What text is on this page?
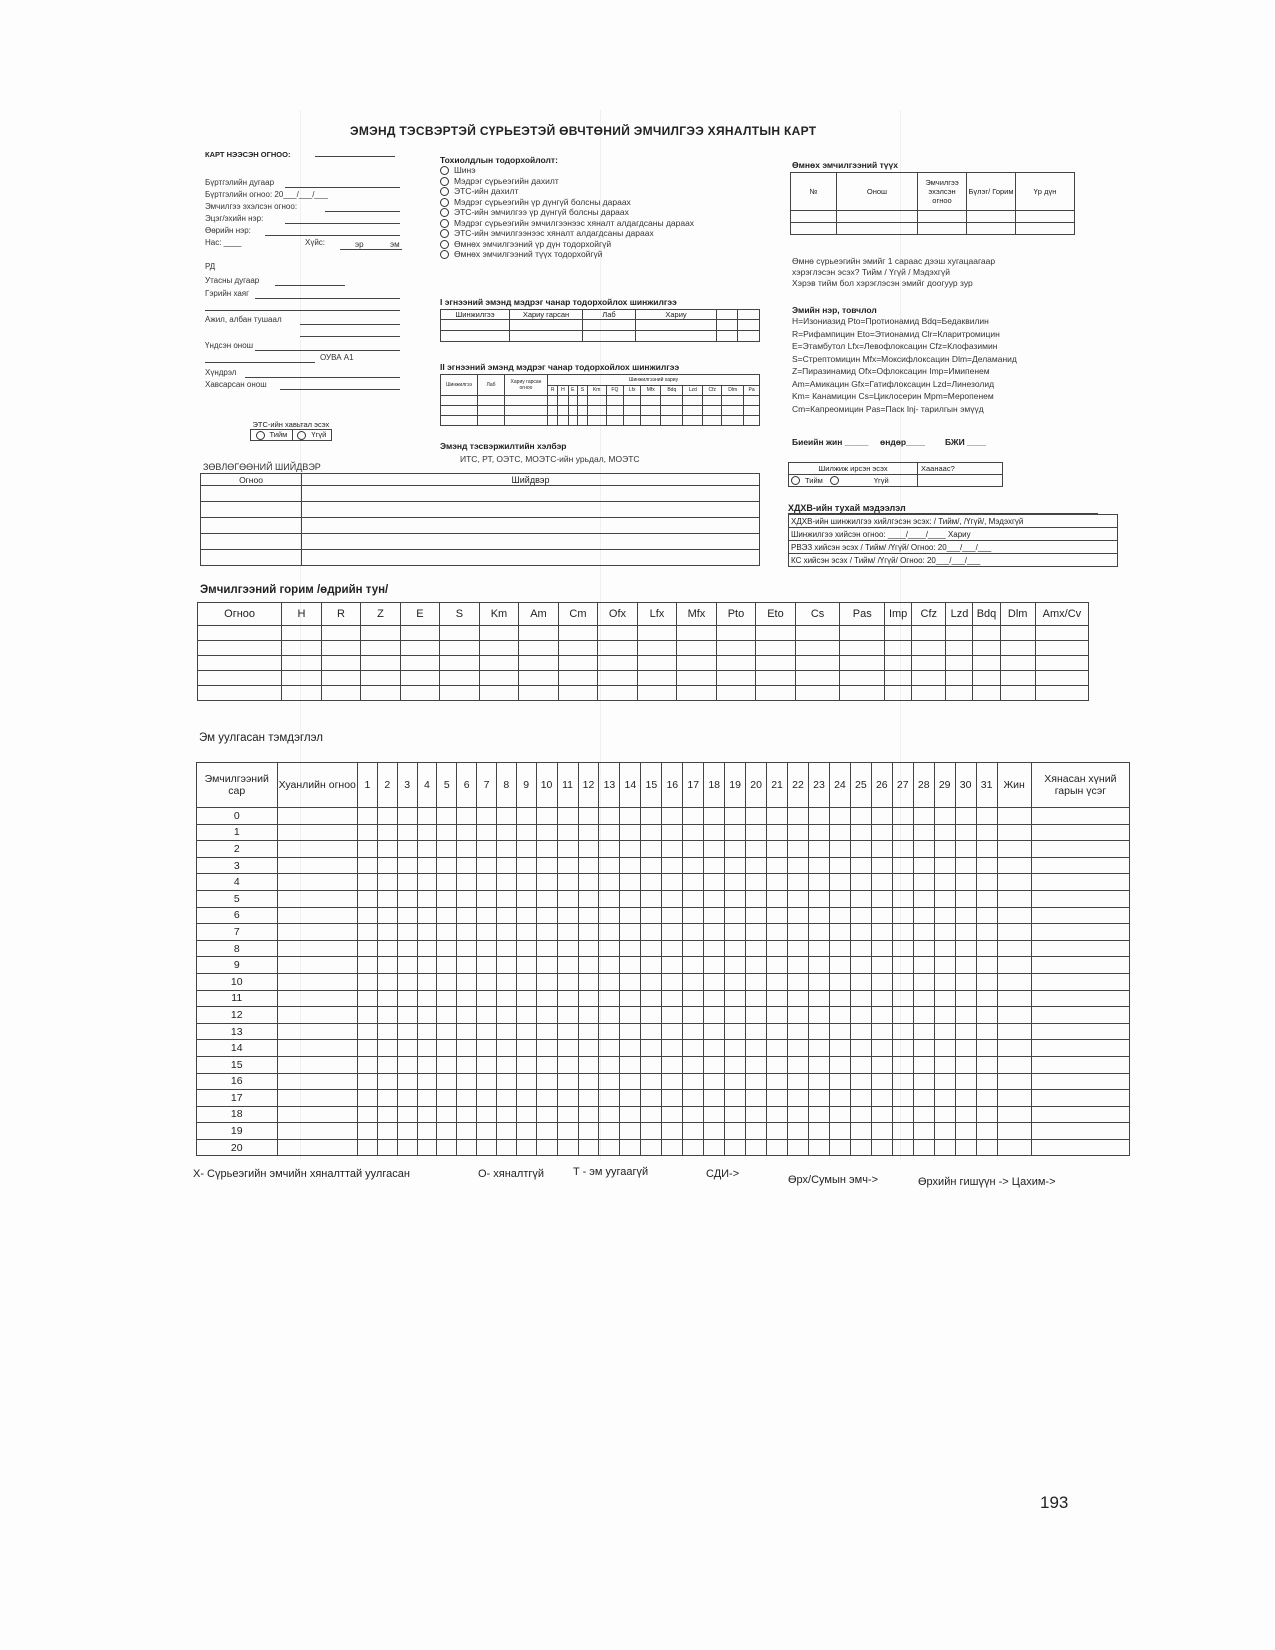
ЭМЭНД ТЭСВЭРТЭЙ СҮРЬЕЭТЭЙ ӨВЧТӨНИЙ ЭМЧИЛГЭЭ ХЯНАЛТЫН КАРТ
КАРТ НЭЭСЭН ОГНОО:
Бүртгэлийн дугаар
Бүртгэлийн огноо: 20___/___/___
Эмчилгээ эхэлсэн огноо:
Эцэг/эхийн нэр:
Өөрийн нэр:
Нас: ____	Хүйс:	эр	эм
РД
Утасны дугаар
Гэрийн хаяг
Ажил, албан тушаал
Үндсэн онош
ОУВА А1
Хүндрэл
Хавсарсан онош
ЭТС-ийн хавьтал эсэх
Тийм	Үгүй
Тохиолдлын тодорхойлолт:
Шинэ
Мэдрэг сүрьеэгийн дахилт
ЭТС-ийн дахилт
Мэдрэг сүрьеэгийн үр дүнгүй болсны дараах
ЭТС-ийн эмчилгээ үр дүнгүй болсны дараах
Мэдрэг сүрьеэгийн эмчилгээнээс хяналт алдагдсаны дараах
ЭТС-ийн эмчилгээнээс хяналт алдагдсаны дараах
Өмнөх эмчилгээний үр дүн тодорхойгүй
Өмнөх эмчилгээний түүх тодорхойгүй
I эгнээний эмэнд мэдрэг чанар тодорхойлох шинжилгээ
Шинжилгээ	Хариу гарсан	Лаб	Хариу		

II эгнээний эмэнд мэдрэг чанар тодорхойлох шинжилгээ
Шинжилгээ	Лаб	Хариу гарсан огноо	Шинжилгээний хариу												
			R	H	E	S	Km	FQ	Lfx	Mfx	Bdq	Lzd	Cfz	Dlm	Pa

Эмэнд тэсвэржилтийн хэлбэр
ИТС, РТ, ОЭТС, МОЭТС-ийн урьдал, МОЭТС
ЗӨВЛӨГӨӨНИЙ ШИЙДВЭР
Огноо	Шийдвэр

Өмнөх эмчилгээний түүх
№	Онош	Эмчилгээ эхэлсэн огноо	Бүлэг/ Горим	Үр дүн

Өмнө сүрьеэгийн эмийг 1 сараас дээш хугацаагаар
хэрэглэсэн эсэх? Тийм / Үгүй / Мэдэхгүй
Хэрэв тийм бол хэрэглэсэн эмийг доогуур зур
Эмийн нэр, товчлол
H=Изониазид Pto=Протионамид Bdq=Бедаквилин
R=Рифампицин Eto=Этионамид Clr=Кларитромицин
E=Этамбутол Lfx=Левофлоксацин Cfz=Клофазимин
S=Стрептомицин Mfx=Моксифлоксацин Dlm=Деламанид
Z=Пиразинамид Ofx=Офлоксацин Imp=Имипенем
Am=Амикацин Gfx=Гатифлоксацин Lzd=Линезолид
Km= Канамицин Cs=Циклосерин Mpm=Меропенем
Cm=Капреомицин Pas=Паск Inj- тарилгын эмүүд
Биеийн жин _____ өндөр____ БЖИ ____
Шилжиж ирсэн эсэх	Хаанаас?
Тийм Үгүй	
ХДХВ-ийн тухай мэдээлэл
ХДХВ-ийн шинжилгээ хийлгэсэн эсэх: / Тийм/, /Үгүй/, Мэдэхгүй
Шинжилгээ хийсэн огноо: ____/____/____ Хариу
РВЭЗ хийсэн эсэх / Тийм/ /Үгүй/ Огноо: 20___/___/___
КС хийсэн эсэх / Тийм/ /Үгүй/ Огноо: 20___/___/___
Эмчилгээний горим /өдрийн тун/
Огноо	H	R	Z	E	S	Km	Am	Cm	Ofx	Lfx	Mfx	Pto	Eto	Cs	Pas	Imp	Cfz	Lzd	Bdq	Dlm	Amx/Cv

Эм уулгасан тэмдэглэл
Эмчилгээний сар	Хуанлийн огноо	1	2	3	4	5	6	7	8	9	10	11	12	13	14	15	16	17	18	19	20	21	22	23	24	25	26	27	28	29	30	31	Жин	Хянасан хүний гарын үсэг
0																																		
1																																		
2																																		
3																																		
4																																		
5																																		
6																																		
7																																		
8																																		
9																																		
10																																		
11																																		
12																																		
13																																		
14																																		
15																																		
16																																		
17																																		
18																																		
19																																		
20																																		
X- Сүрьеэгийн эмчийн хяналттай уулгасан	O- хяналтгүй	T - эм уугаагүй	СДИ->	Өрх/Сумын эмч->	Өрхийн гишүүн -> Цахим->
193
